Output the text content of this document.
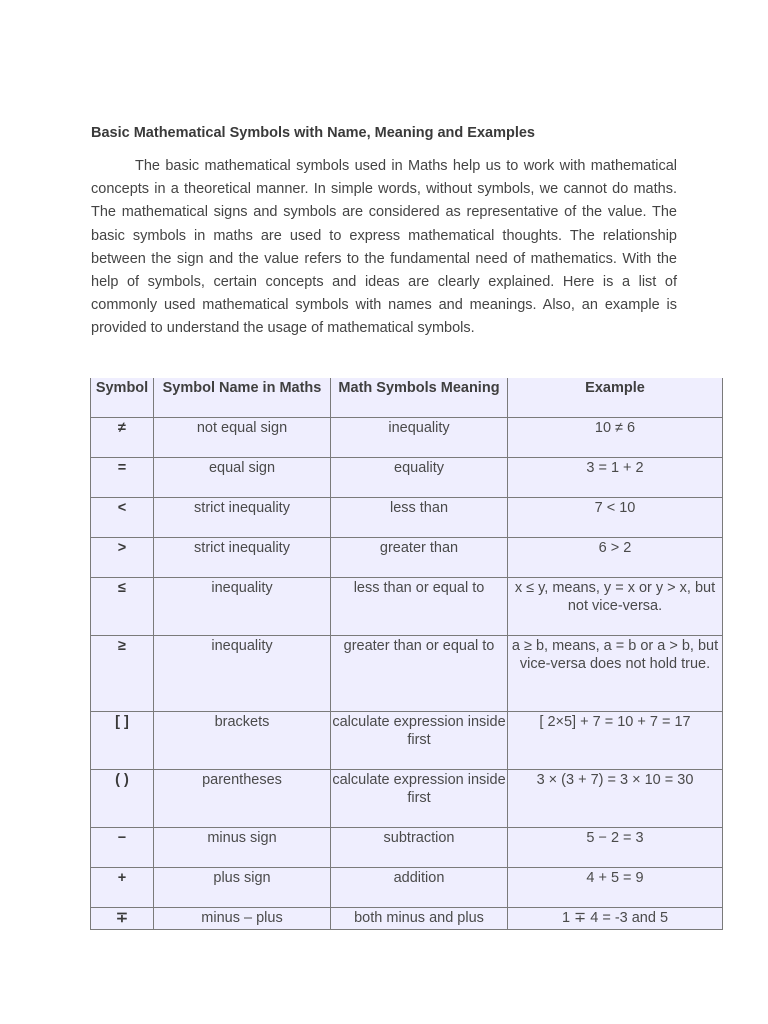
Basic Mathematical Symbols with Name, Meaning and Examples

The basic mathematical symbols used in Maths help us to work with mathematical concepts in a theoretical manner. In simple words, without symbols, we cannot do maths. The mathematical signs and symbols are considered as representative of the value. The basic symbols in maths are used to express mathematical thoughts. The relationship between the sign and the value refers to the fundamental need of mathematics. With the help of symbols, certain concepts and ideas are clearly explained. Here is a list of commonly used mathematical symbols with names and meanings. Also, an example is provided to understand the usage of mathematical symbols.

Symbol	Symbol Name in Maths	Math Symbols Meaning	Example
≠	not equal sign	inequality	10 ≠ 6
=	equal sign	equality	3 = 1 + 2
<	strict inequality	less than	7 < 10
>	strict inequality	greater than	6 > 2
≤	inequality	less than or equal to	x ≤ y, means, y = x or y > x, but not vice-versa.
≥	inequality	greater than or equal to	a ≥ b, means, a = b or a > b, but vice-versa does not hold true.
[ ]	brackets	calculate expression inside first	[ 2×5] + 7 = 10 + 7 = 17
( )	parentheses	calculate expression inside first	3 × (3 + 7) = 3 × 10 = 30
−	minus sign	subtraction	5 − 2 = 3
+	plus sign	addition	4 + 5 = 9
∓	minus – plus	both minus and plus	1 ∓ 4 = -3 and 5
